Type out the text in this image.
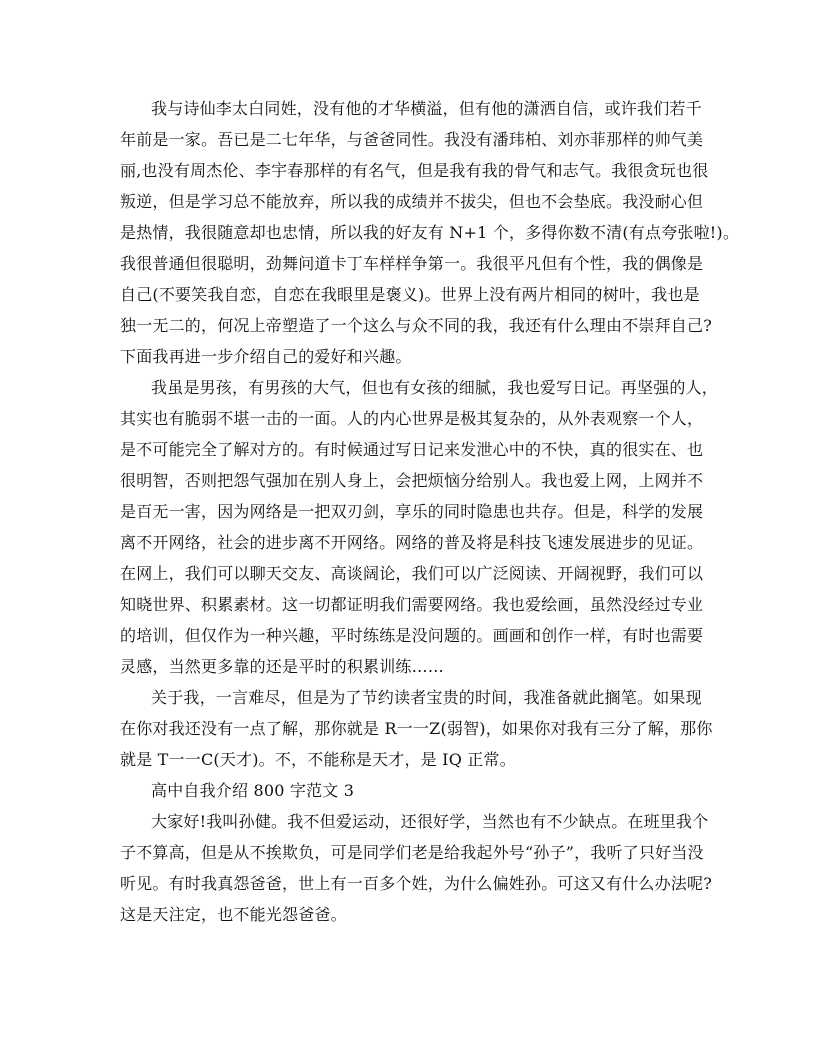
我与诗仙李太白同姓，没有他的才华横溢，但有他的潇洒自信，或许我们若千
年前是一家。吾已是二七年华，与爸爸同性。我没有潘玮柏、刘亦菲那样的帅气美
丽,也没有周杰伦、李宇春那样的有名气，但是我有我的骨气和志气。我很贪玩也很
叛逆，但是学习总不能放弃，所以我的成绩并不拔尖，但也不会垫底。我没耐心但
是热情，我很随意却也忠情，所以我的好友有 N+1 个，多得你数不清(有点夸张啦!)。
我很普通但很聪明，劲舞问道卡丁车样样争第一。我很平凡但有个性，我的偶像是
自己(不要笑我自恋，自恋在我眼里是褒义)。世界上没有两片相同的树叶，我也是
独一无二的，何况上帝塑造了一个这么与众不同的我，我还有什么理由不崇拜自己?
下面我再进一步介绍自己的爱好和兴趣。
我虽是男孩，有男孩的大气，但也有女孩的细腻，我也爱写日记。再坚强的人，
其实也有脆弱不堪一击的一面。人的内心世界是极其复杂的，从外表观察一个人，
是不可能完全了解对方的。有时候通过写日记来发泄心中的不快，真的很实在、也
很明智，否则把怨气强加在别人身上，会把烦恼分给别人。我也爱上网，上网并不
是百无一害，因为网络是一把双刃剑，享乐的同时隐患也共存。但是，科学的发展
离不开网络，社会的进步离不开网络。网络的普及将是科技飞速发展进步的见证。
在网上，我们可以聊天交友、高谈阔论，我们可以广泛阅读、开阔视野，我们可以
知晓世界、积累素材。这一切都证明我们需要网络。我也爱绘画，虽然没经过专业
的培训，但仅作为一种兴趣，平时练练是没问题的。画画和创作一样，有时也需要
灵感，当然更多靠的还是平时的积累训练……
关于我，一言难尽，但是为了节约读者宝贵的时间，我准备就此搁笔。如果现
在你对我还没有一点了解，那你就是 R一一Z(弱智)，如果你对我有三分了解，那你
就是 T一一C(天才)。不，不能称是天才，是 IQ 正常。
高中自我介绍 800 字范文 3
大家好!我叫孙健。我不但爱运动，还很好学，当然也有不少缺点。在班里我个
子不算高，但是从不挨欺负，可是同学们老是给我起外号“孙子”，我听了只好当没
听见。有时我真怨爸爸，世上有一百多个姓，为什么偏姓孙。可这又有什么办法呢?
这是天注定，也不能光怨爸爸。
